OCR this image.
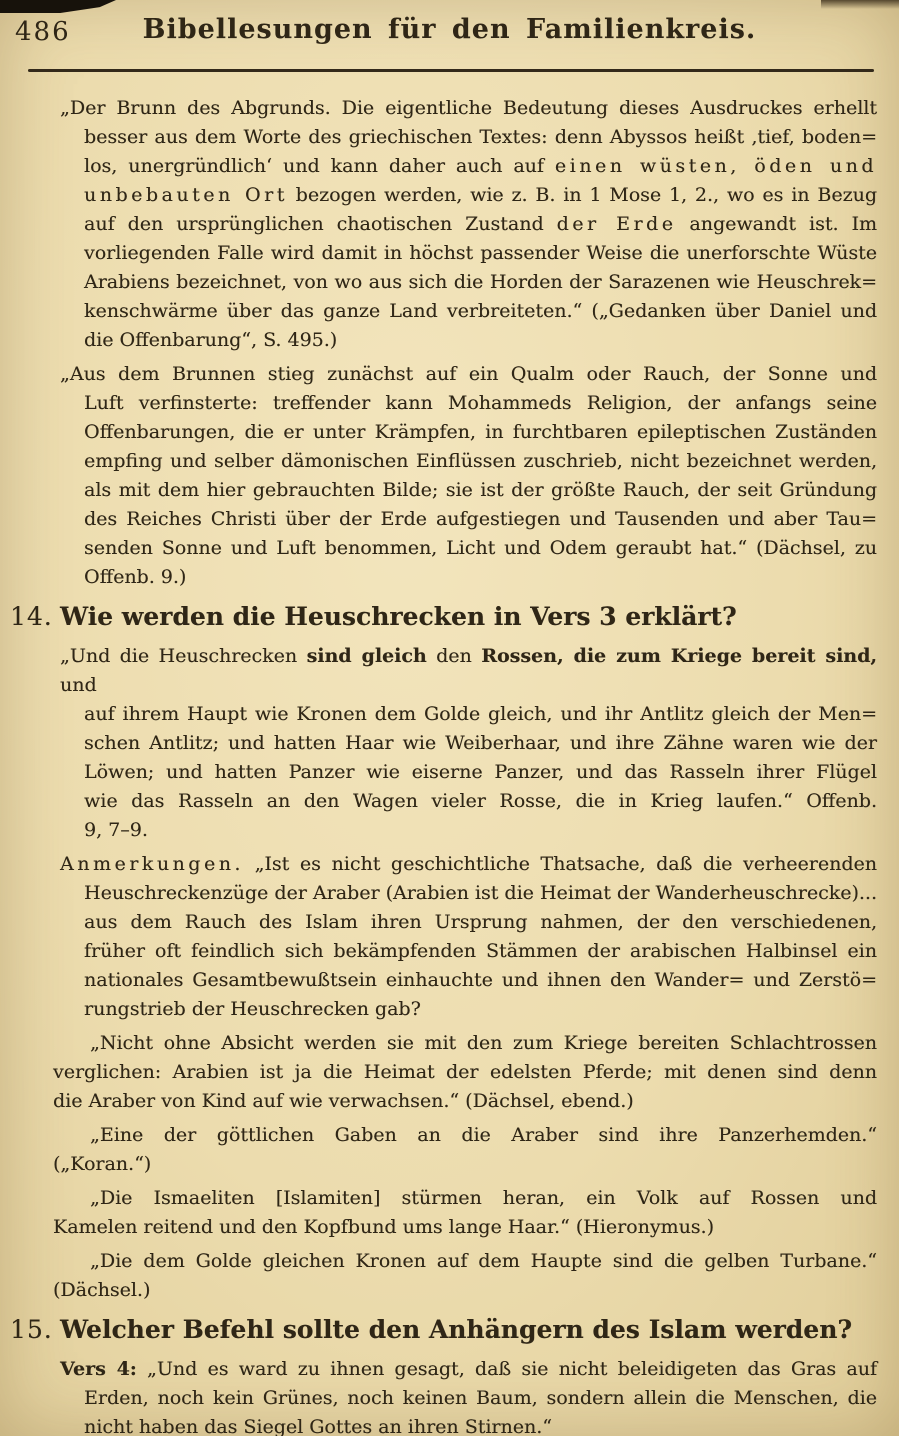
486	Bibellesungen für den Familienkreis.
„Der Brunn des Abgrunds. Die eigentliche Bedeutung dieses Ausdruckes erhellt
besser aus dem Worte des griechischen Textes: denn Abyssos heißt ‚tief, boden=
los, unergründlich‘ und kann daher auch auf einen wüsten, öden und
unbebauten Ort bezogen werden, wie z. B. in 1 Mose 1, 2., wo es in Bezug
auf den ursprünglichen chaotischen Zustand der Erde angewandt ist. Im
vorliegenden Falle wird damit in höchst passender Weise die unerforschte Wüste
Arabiens bezeichnet, von wo aus sich die Horden der Sarazenen wie Heuschrek=
kenschwärme über das ganze Land verbreiteten.“ („Gedanken über Daniel und
die Offenbarung“, S. 495.)
„Aus dem Brunnen stieg zunächst auf ein Qualm oder Rauch, der Sonne und
Luft verfinsterte: treffender kann Mohammeds Religion, der anfangs seine
Offenbarungen, die er unter Krämpfen, in furchtbaren epileptischen Zuständen
empfing und selber dämonischen Einflüssen zuschrieb, nicht bezeichnet werden,
als mit dem hier gebrauchten Bilde; sie ist der größte Rauch, der seit Gründung
des Reiches Christi über der Erde aufgestiegen und Tausenden und aber Tau=
senden Sonne und Luft benommen, Licht und Odem geraubt hat.“ (Dächsel, zu
Offenb. 9.)
14. Wie werden die Heuschrecken in Vers 3 erklärt?
„Und die Heuschrecken sind gleich den Rossen, die zum Kriege bereit sind, und
auf ihrem Haupt wie Kronen dem Golde gleich, und ihr Antlitz gleich der Men=
schen Antlitz; und hatten Haar wie Weiberhaar, und ihre Zähne waren wie der
Löwen; und hatten Panzer wie eiserne Panzer, und das Rasseln ihrer Flügel
wie das Rasseln an den Wagen vieler Rosse, die in Krieg laufen.“ Offenb.
9, 7–9.
Anmerkungen. „Ist es nicht geschichtliche Thatsache, daß die verheerenden
Heuschreckenzüge der Araber (Arabien ist die Heimat der Wanderheuschrecke)...
aus dem Rauch des Islam ihren Ursprung nahmen, der den verschiedenen,
früher oft feindlich sich bekämpfenden Stämmen der arabischen Halbinsel ein
nationales Gesamtbewußtsein einhauchte und ihnen den Wander= und Zerstö=
rungstrieb der Heuschrecken gab?
„Nicht ohne Absicht werden sie mit den zum Kriege bereiten Schlachtrossen
verglichen: Arabien ist ja die Heimat der edelsten Pferde; mit denen sind denn
die Araber von Kind auf wie verwachsen.“ (Dächsel, ebend.)
„Eine der göttlichen Gaben an die Araber sind ihre Panzerhemden.“
(„Koran.“)
„Die Ismaeliten [Islamiten] stürmen heran, ein Volk auf Rossen und
Kamelen reitend und den Kopfbund ums lange Haar.“ (Hieronymus.)
„Die dem Golde gleichen Kronen auf dem Haupte sind die gelben Turbane.“
(Dächsel.)
15. Welcher Befehl sollte den Anhängern des Islam werden?
Vers 4: „Und es ward zu ihnen gesagt, daß sie nicht beleidigeten das Gras auf
Erden, noch kein Grünes, noch keinen Baum, sondern allein die Menschen, die
nicht haben das Siegel Gottes an ihren Stirnen.“
